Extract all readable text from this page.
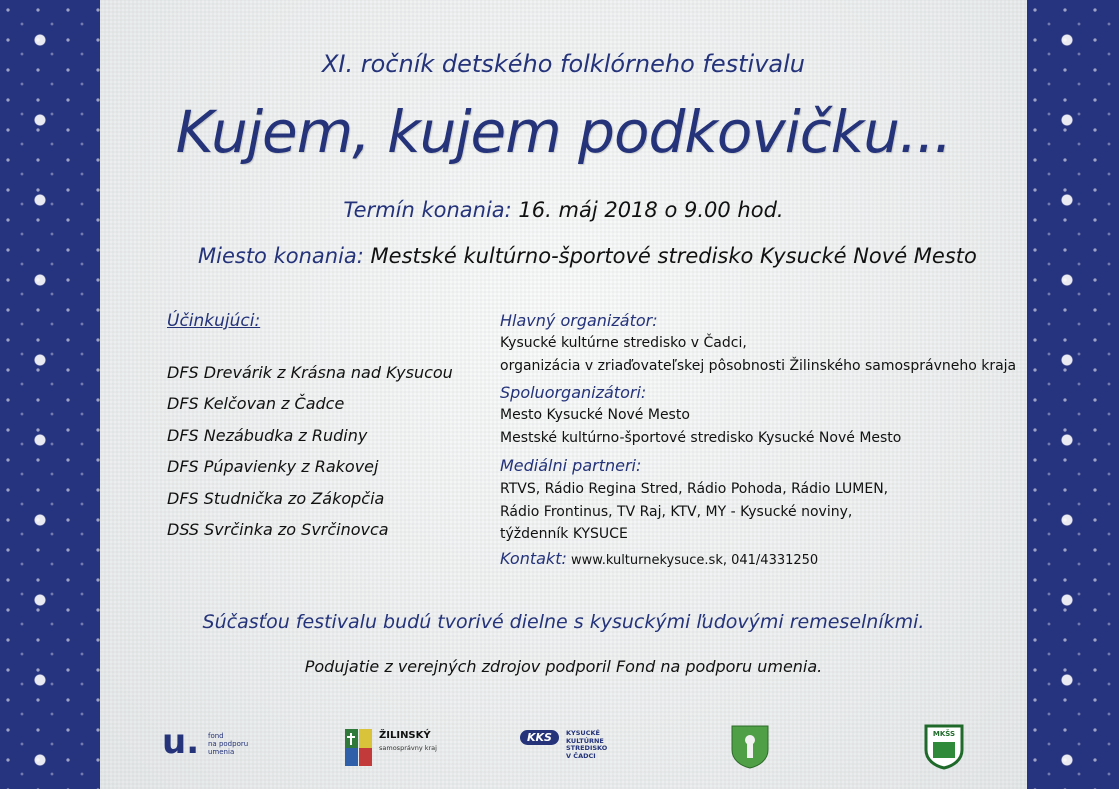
XI. ročník detského folklórneho festivalu
Kujem, kujem podkovičku...
Termín konania: 16. máj 2018 o 9.00 hod.
Miesto konania: Mestské kultúrno-športové stredisko Kysucké Nové Mesto
Účinkujúci:
DFS Drevárik z Krásna nad Kysucou
DFS Kelčovan z Čadce
DFS Nezábudka z Rudiny
DFS Púpavienky z Rakovej
DFS Studnička zo Zákopčia
DSS Svrčinka zo Svrčinovca
Hlavný organizátor:
Kysucké kultúrne stredisko v Čadci,
organizácia v zriaďovateľskej pôsobnosti Žilinského samosprávneho kraja
Spoluorganizátori:
Mesto Kysucké Nové Mesto
Mestské kultúrno-športové stredisko Kysucké Nové Mesto
Mediálni partneri:
RTVS, Rádio Regina Stred, Rádio Pohoda, Rádio LUMEN,
Rádio Frontinus, TV Raj, KTV, MY - Kysucké noviny,
týždenník KYSUCE
Kontakt: www.kulturnekysuce.sk, 041/4331250
Súčasťou festivalu budú tvorivé dielne s kysuckými ľudovými remeselníkmi.
Podujatie z verejných zdrojov podporil Fond na podporu umenia.
u. fond
na podporu
umenia
ŽILINSKÝ
samosprávny kraj
KKS	KYSUCKÉ
KULTÚRNE
STREDISKO
V ČADCI
MKŠS
